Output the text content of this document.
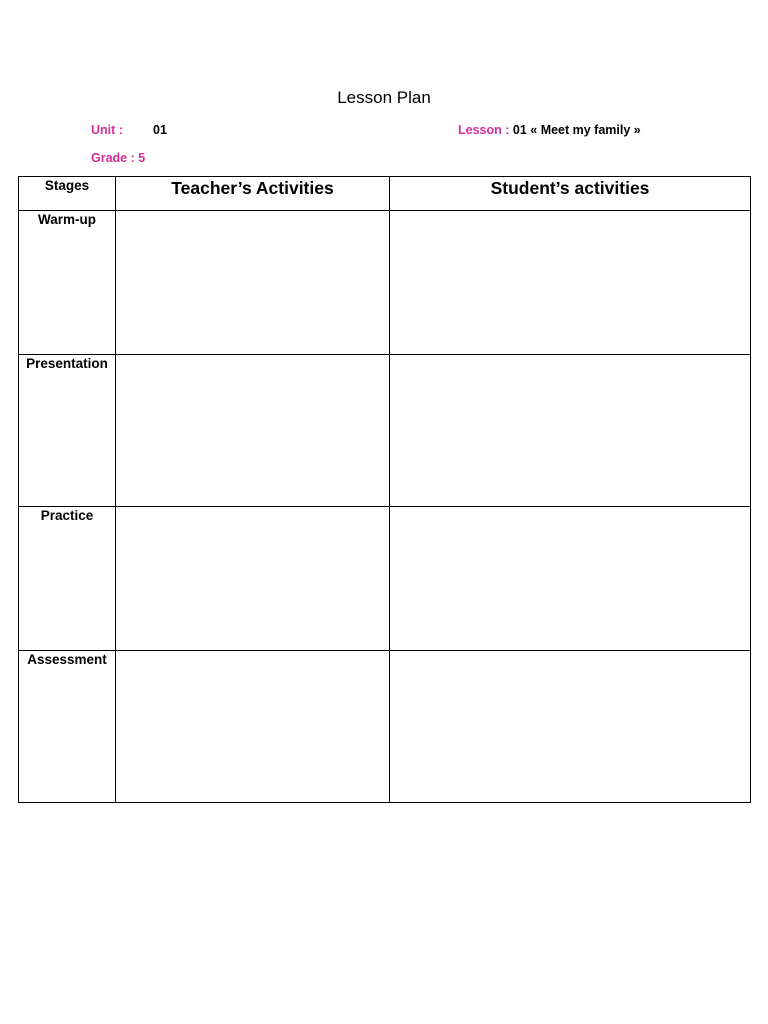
Lesson Plan
Unit : 01	Lesson : 01 « Meet my family »
Grade : 5
Stages	Teacher’s Activities	Student’s activities
Warm-up		
Presentation		
Practice		
Assessment		
